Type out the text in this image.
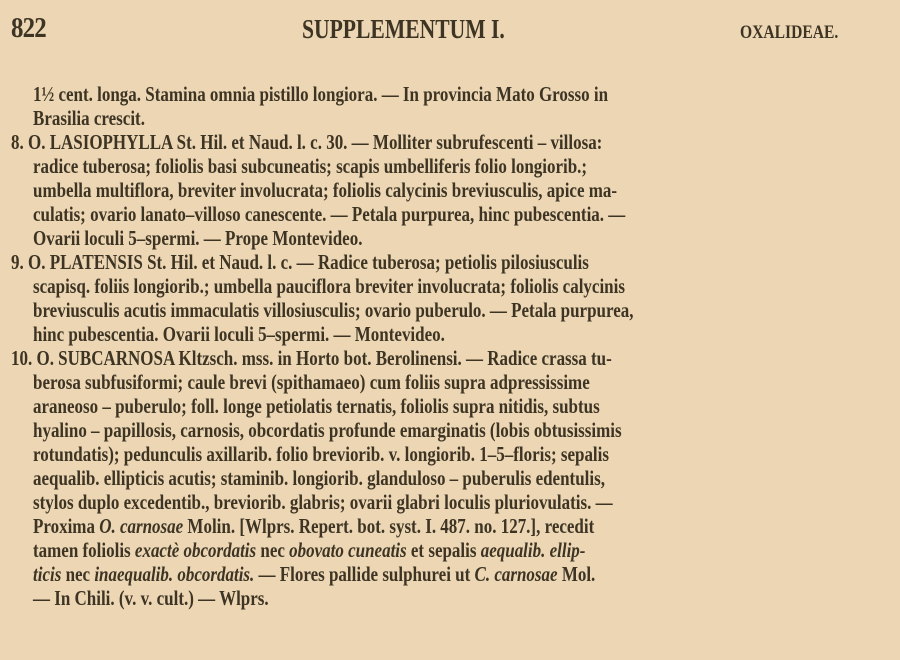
822	SUPPLEMENTUM I.	OXALIDEAE.
1½ cent. longa. Stamina omnia pistillo longiora. — In provincia Mato Grosso in
Brasilia crescit.
8. O. LASIOPHYLLA St. Hil. et Naud. l. c. 30. — Molliter subrufescenti – villosa:
radice tuberosa; foliolis basi subcuneatis; scapis umbelliferis folio longiorib.;
umbella multiflora, breviter involucrata; foliolis calycinis breviusculis, apice ma-
culatis; ovario lanato–villoso canescente. — Petala purpurea, hinc pubescentia. —
Ovarii loculi 5–spermi. — Prope Montevideo.
9. O. PLATENSIS St. Hil. et Naud. l. c. — Radice tuberosa; petiolis pilosiusculis
scapisq. foliis longiorib.; umbella pauciflora breviter involucrata; foliolis calycinis
breviusculis acutis immaculatis villosiusculis; ovario puberulo. — Petala purpurea,
hinc pubescentia. Ovarii loculi 5–spermi. — Montevideo.
10. O. SUBCARNOSA Kltzsch. mss. in Horto bot. Berolinensi. — Radice crassa tu-
berosa subfusiformi; caule brevi (spithamaeo) cum foliis supra adpressissime
araneoso – puberulo; foll. longe petiolatis ternatis, foliolis supra nitidis, subtus
hyalino – papillosis, carnosis, obcordatis profunde emarginatis (lobis obtusissimis
rotundatis); pedunculis axillarib. folio breviorib. v. longiorib. 1–5–floris; sepalis
aequalib. ellipticis acutis; staminib. longiorib. glanduloso – puberulis edentulis,
stylos duplo excedentib., breviorib. glabris; ovarii glabri loculis pluriovulatis. —
Proxima O. carnosae Molin. [Wlprs. Repert. bot. syst. I. 487. no. 127.], recedit
tamen foliolis exactè obcordatis nec obovato cuneatis et sepalis aequalib. ellip-
ticis nec inaequalib. obcordatis. — Flores pallide sulphurei ut C. carnosae Mol.
— In Chili. (v. v. cult.) — Wlprs.
